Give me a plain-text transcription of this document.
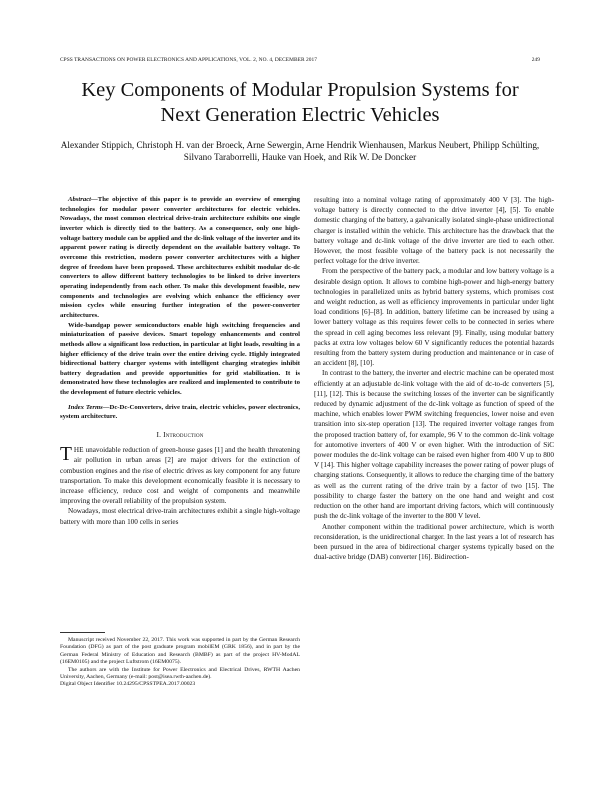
CPSS TRANSACTIONS ON POWER ELECTRONICS AND APPLICATIONS, VOL. 2, NO. 4, DECEMBER 2017	249
Key Components of Modular Propulsion Systems for Next Generation Electric Vehicles
Alexander Stippich, Christoph H. van der Broeck, Arne Sewergin, Arne Hendrik Wienhausen, Markus Neubert, Philipp Schülting, Silvano Taraborrelli, Hauke van Hoek, and Rik W. De Doncker

Abstract—The objective of this paper is to provide an overview of emerging technologies for modular power converter architectures for electric vehicles. Nowadays, the most common electrical drive-train architecture exhibits one single inverter which is directly tied to the battery. As a consequence, only one high-voltage battery module can be applied and the dc-link voltage of the inverter and its apparent power rating is directly dependent on the available battery voltage. To overcome this restriction, modern power converter architectures with a higher degree of freedom have been proposed. These architectures exhibit modular dc-dc converters to allow different battery technologies to be linked to drive inverters operating independently from each other. To make this development feasible, new components and technologies are evolving which enhance the efficiency over mission cycles while ensuring further integration of the power-converter architectures.

Wide-bandgap power semiconductors enable high switching frequencies and miniaturization of passive devices. Smart topology enhancements and control methods allow a significant loss reduction, in particular at light loads, resulting in a higher efficiency of the drive train over the entire driving cycle. Highly integrated bidirectional battery charger systems with intelligent charging strategies inhibit battery degradation and provide opportunities for grid stabilization. It is demonstrated how these technologies are realized and implemented to contribute to the development of future electric vehicles.

Index Terms—Dc-Dc-Converters, drive train, electric vehicles, power electronics, system architecture.

I. Introduction

THE unavoidable reduction of green-house gases [1] and the health threatening air pollution in urban areas [2] are major drivers for the extinction of combustion engines and the rise of electric drives as key component for any future transportation. To make this development economically feasible it is necessary to increase efficiency, reduce cost and weight of components and meanwhile improving the overall reliability of the propulsion system.

Nowadays, most electrical drive-train architectures exhibit a single high-voltage battery with more than 100 cells in series

resulting into a nominal voltage rating of approximately 400 V [3]. The high-voltage battery is directly connected to the drive inverter [4], [5]. To enable domestic charging of the battery, a galvanically isolated single-phase unidirectional charger is installed within the vehicle. This architecture has the drawback that the battery voltage and dc-link voltage of the drive inverter are tied to each other. However, the most feasible voltage of the battery pack is not necessarily the perfect voltage for the drive inverter.

From the perspective of the battery pack, a modular and low battery voltage is a desirable design option. It allows to combine high-power and high-energy battery technologies in parallelized units as hybrid battery systems, which promises cost and weight reduction, as well as efficiency improvements in particular under light load conditions [6]–[8]. In addition, battery lifetime can be increased by using a lower battery voltage as this requires fewer cells to be connected in series where the spread in cell aging becomes less relevant [9]. Finally, using modular battery packs at extra low voltages below 60 V significantly reduces the potential hazards resulting from the battery system during production and maintenance or in case of an accident [8], [10].

In contrast to the battery, the inverter and electric machine can be operated most efficiently at an adjustable dc-link voltage with the aid of dc-to-dc converters [5], [11], [12]. This is because the switching losses of the inverter can be significantly reduced by dynamic adjustment of the dc-link voltage as function of speed of the machine, which enables lower PWM switching frequencies, lower noise and even transition into six-step operation [13]. The required inverter voltage ranges from the proposed traction battery of, for example, 96 V to the common dc-link voltage for automotive inverters of 400 V or even higher. With the introduction of SiC power modules the dc-link voltage can be raised even higher from 400 V up to 800 V [14]. This higher voltage capability increases the power rating of power plugs of charging stations. Consequently, it allows to reduce the charging time of the battery as well as the current rating of the drive train by a factor of two [15]. The possibility to charge faster the battery on the one hand and weight and cost reduction on the other hand are important driving factors, which will continuously push the dc-link voltage of the inverter to the 800 V level.

Another component within the traditional power architecture, which is worth reconsideration, is the unidirectional charger. In the last years a lot of research has been pursued in the area of bidirectional charger systems typically based on the dual-active bridge (DAB) converter [16]. Bidirection-

Manuscript received November 22, 2017. This work was supported in part by the German Research Foundation (DFG) as part of the post graduate program mobilEM (GRK 1856), and in part by the German Federal Ministry of Education and Research (BMBF) as part of the project HV-ModAL (16EM0105) and the project Luftstrom (16EM0075).

The authors are with the Institute for Power Electronics and Electrical Drives, RWTH Aachen University, Aachen, Germany (e-mail: post@isea.rwth-aachen.de).

Digital Object Identifier 10.24295/CPSSTPEA.2017.00023
